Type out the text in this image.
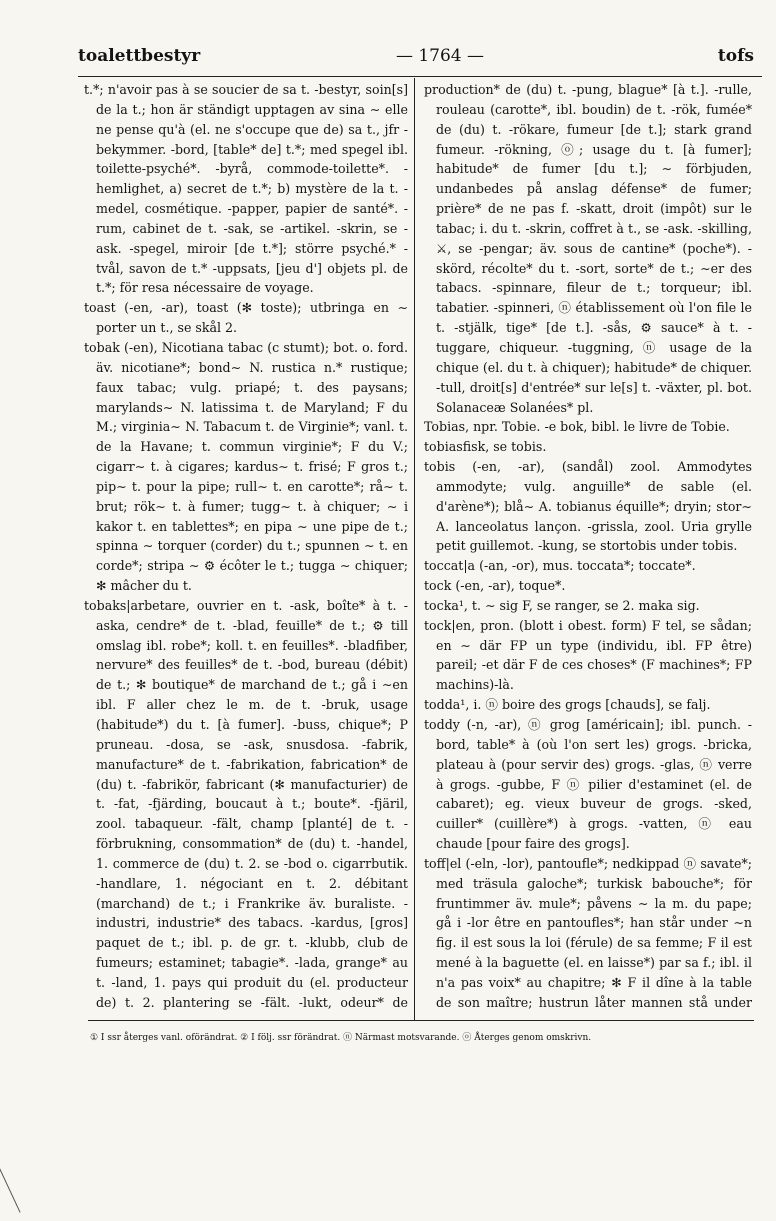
toalettbestyr	— 1764 —	tofs

t.*; n'avoir pas à se soucier de sa t. -bestyr, soin[s] de la t.; hon är ständigt upptagen av sina ∼ elle ne pense qu'à (el. ne s'occupe que de) sa t., jfr -bekymmer. -bord, [table* de] t.*; med spegel ibl. toilette-psyché*. -byrå, commode-toilette*. -hemlighet, a) secret de t.*; b) mystère de la t. -medel, cosmétique. -papper, papier de santé*. -rum, cabinet de t. -sak, se -artikel. -skrin, se -ask. -spegel, miroir [de t.*]; större psyché.* -tvål, savon de t.* -uppsats, [jeu d'] objets pl. de t.*; för resa nécessaire de voyage.

toast (-en, -ar), toast (✻ toste); utbringa en ∼ porter un t., se skål 2.

tobak (-en), Nicotiana tabac (c stumt); bot. o. ford. äv. nicotiane*; bond∼ N. rustica n.* rustique; faux tabac; vulg. priapé; t. des paysans; marylands∼ N. latissima t. de Maryland; F du M.; virginia∼ N. Tabacum t. de Virginie*; vanl. t. de la Havane; t. commun virginie*; F du V.; cigarr∼ t. à cigares; kardus∼ t. frisé; F gros t.; pip∼ t. pour la pipe; rull∼ t. en carotte*; rå∼ t. brut; rök∼ t. à fumer; tugg∼ t. à chiquer; ∼ i kakor t. en tablettes*; en pipa ∼ une pipe de t.; spinna ∼ torquer (corder) du t.; spunnen ∼ t. en corde*; stripa ∼ ⚙ écôter le t.; tugga ∼ chiquer; ✻ mâcher du t.

tobaks|arbetare, ouvrier en t. -ask, boîte* à t. -aska, cendre* de t. -blad, feuille* de t.; ⚙ till omslag ibl. robe*; koll. t. en feuilles*. -bladfiber, nervure* des feuilles* de t. -bod, bureau (débit) de t.; ✻ boutique* de marchand de t.; gå i ∼en ibl. F aller chez le m. de t. -bruk, usage (habitude*) du t. [à fumer]. -buss, chique*; P pruneau. -dosa, se -ask, snusdosa. -fabrik, manufacture* de t. -fabrikation, fabrication* de (du) t. -fabrikör, fabricant (✻ manufacturier) de t. -fat, -fjärding, boucaut à t.; boute*. -fjäril, zool. tabaqueur. -fält, champ [planté] de t. -förbrukning, consommation* de (du) t. -handel, 1. commerce de (du) t. 2. se -bod o. cigarrbutik. -handlare, 1. négociant en t. 2. débitant (marchand) de t.; i Frankrike äv. buraliste. -industri, industrie* des tabacs. -kardus, [gros] paquet de t.; ibl. p. de gr. t. -klubb, club de fumeurs; estaminet; tabagie*. -lada, grange* au t. -land, 1. pays qui produit du (el. producteur de) t. 2. plantering se -fält. -lukt, odeur* de

production* de (du) t. -pung, blague* [à t.]. -rulle, rouleau (carotte*, ibl. boudin) de t. -rök, fumée* de (du) t. -rökare, fumeur [de t.]; stark grand fumeur. -rökning, ⓞ; usage du t. [à fumer]; habitude* de fumer [du t.]; ∼ förbjuden, undanbedes på anslag défense* de fumer; prière* de ne pas f. -skatt, droit (impôt) sur le tabac; i. du t. -skrin, coffret à t., se -ask. -skilling, ⚔, se -pengar; äv. sous de cantine* (poche*). -skörd, récolte* du t. -sort, sorte* de t.; ∼er des tabacs. -spinnare, fileur de t.; torqueur; ibl. tabatier. -spinneri, ⓝ établissement où l'on file le t. -stjälk, tige* [de t.]. -sås, ⚙ sauce* à t. -tuggare, chiqueur. -tuggning, ⓝ usage de la chique (el. du t. à chiquer); habitude* de chiquer. -tull, droit[s] d'entrée* sur le[s] t. -växter, pl. bot. Solanaceæ Solanées* pl.

Tobias, npr. Tobie. -e bok, bibl. le livre de Tobie.

tobiasfisk, se tobis.

tobis (-en, -ar), (sandål) zool. Ammodytes ammodyte; vulg. anguille* de sable (el. d'arène*); blå∼ A. tobianus équille*; dryin; stor∼ A. lanceolatus lançon. -grissla, zool. Uria grylle petit guillemot. -kung, se stortobis under tobis.

toccat|a (-an, -or), mus. toccata*; toccate*.

tock (-en, -ar), toque*.

tocka¹, t. ∼ sig F, se ranger, se 2. maka sig.

tock|en, pron. (blott i obest. form) F tel, se sådan; en ∼ där FP un type (individu, ibl. FP être) pareil; -et där F de ces choses* (F machines*; FP machins)-là.

todda¹, i. ⓝ boire des grogs [chauds], se falj.

toddy (-n, -ar), ⓝ grog [américain]; ibl. punch. -bord, table* à (où l'on sert les) grogs. -bricka, plateau à (pour servir des) grogs. -glas, ⓝ verre à grogs. -gubbe, F ⓝ pilier d'estaminet (el. de cabaret); eg. vieux buveur de grogs. -sked, cuiller* (cuillère*) à grogs. -vatten, ⓝ eau chaude [pour faire des grogs].

toff|el (-eln, -lor), pantoufle*; nedkippad ⓝ savate*; med träsula galoche*; turkisk babouche*; för fruntimmer äv. mule*; påvens ∼ la m. du pape; gå i -lor être en pantoufles*; han står under ∼n fig. il est sous la loi (férule) de sa femme; F il est mené à la baguette (el. en laisse*) par sa f.; ibl. il n'a pas voix* au chapitre; ✻ F il dîne à la table de son maître; hustrun låter mannen stå under

① I ssr återges vanl. oförändrat. ② I följ. ssr förändrat. ⓝ Närmast motsvarande. ⓞ Återges genom omskrivn.
